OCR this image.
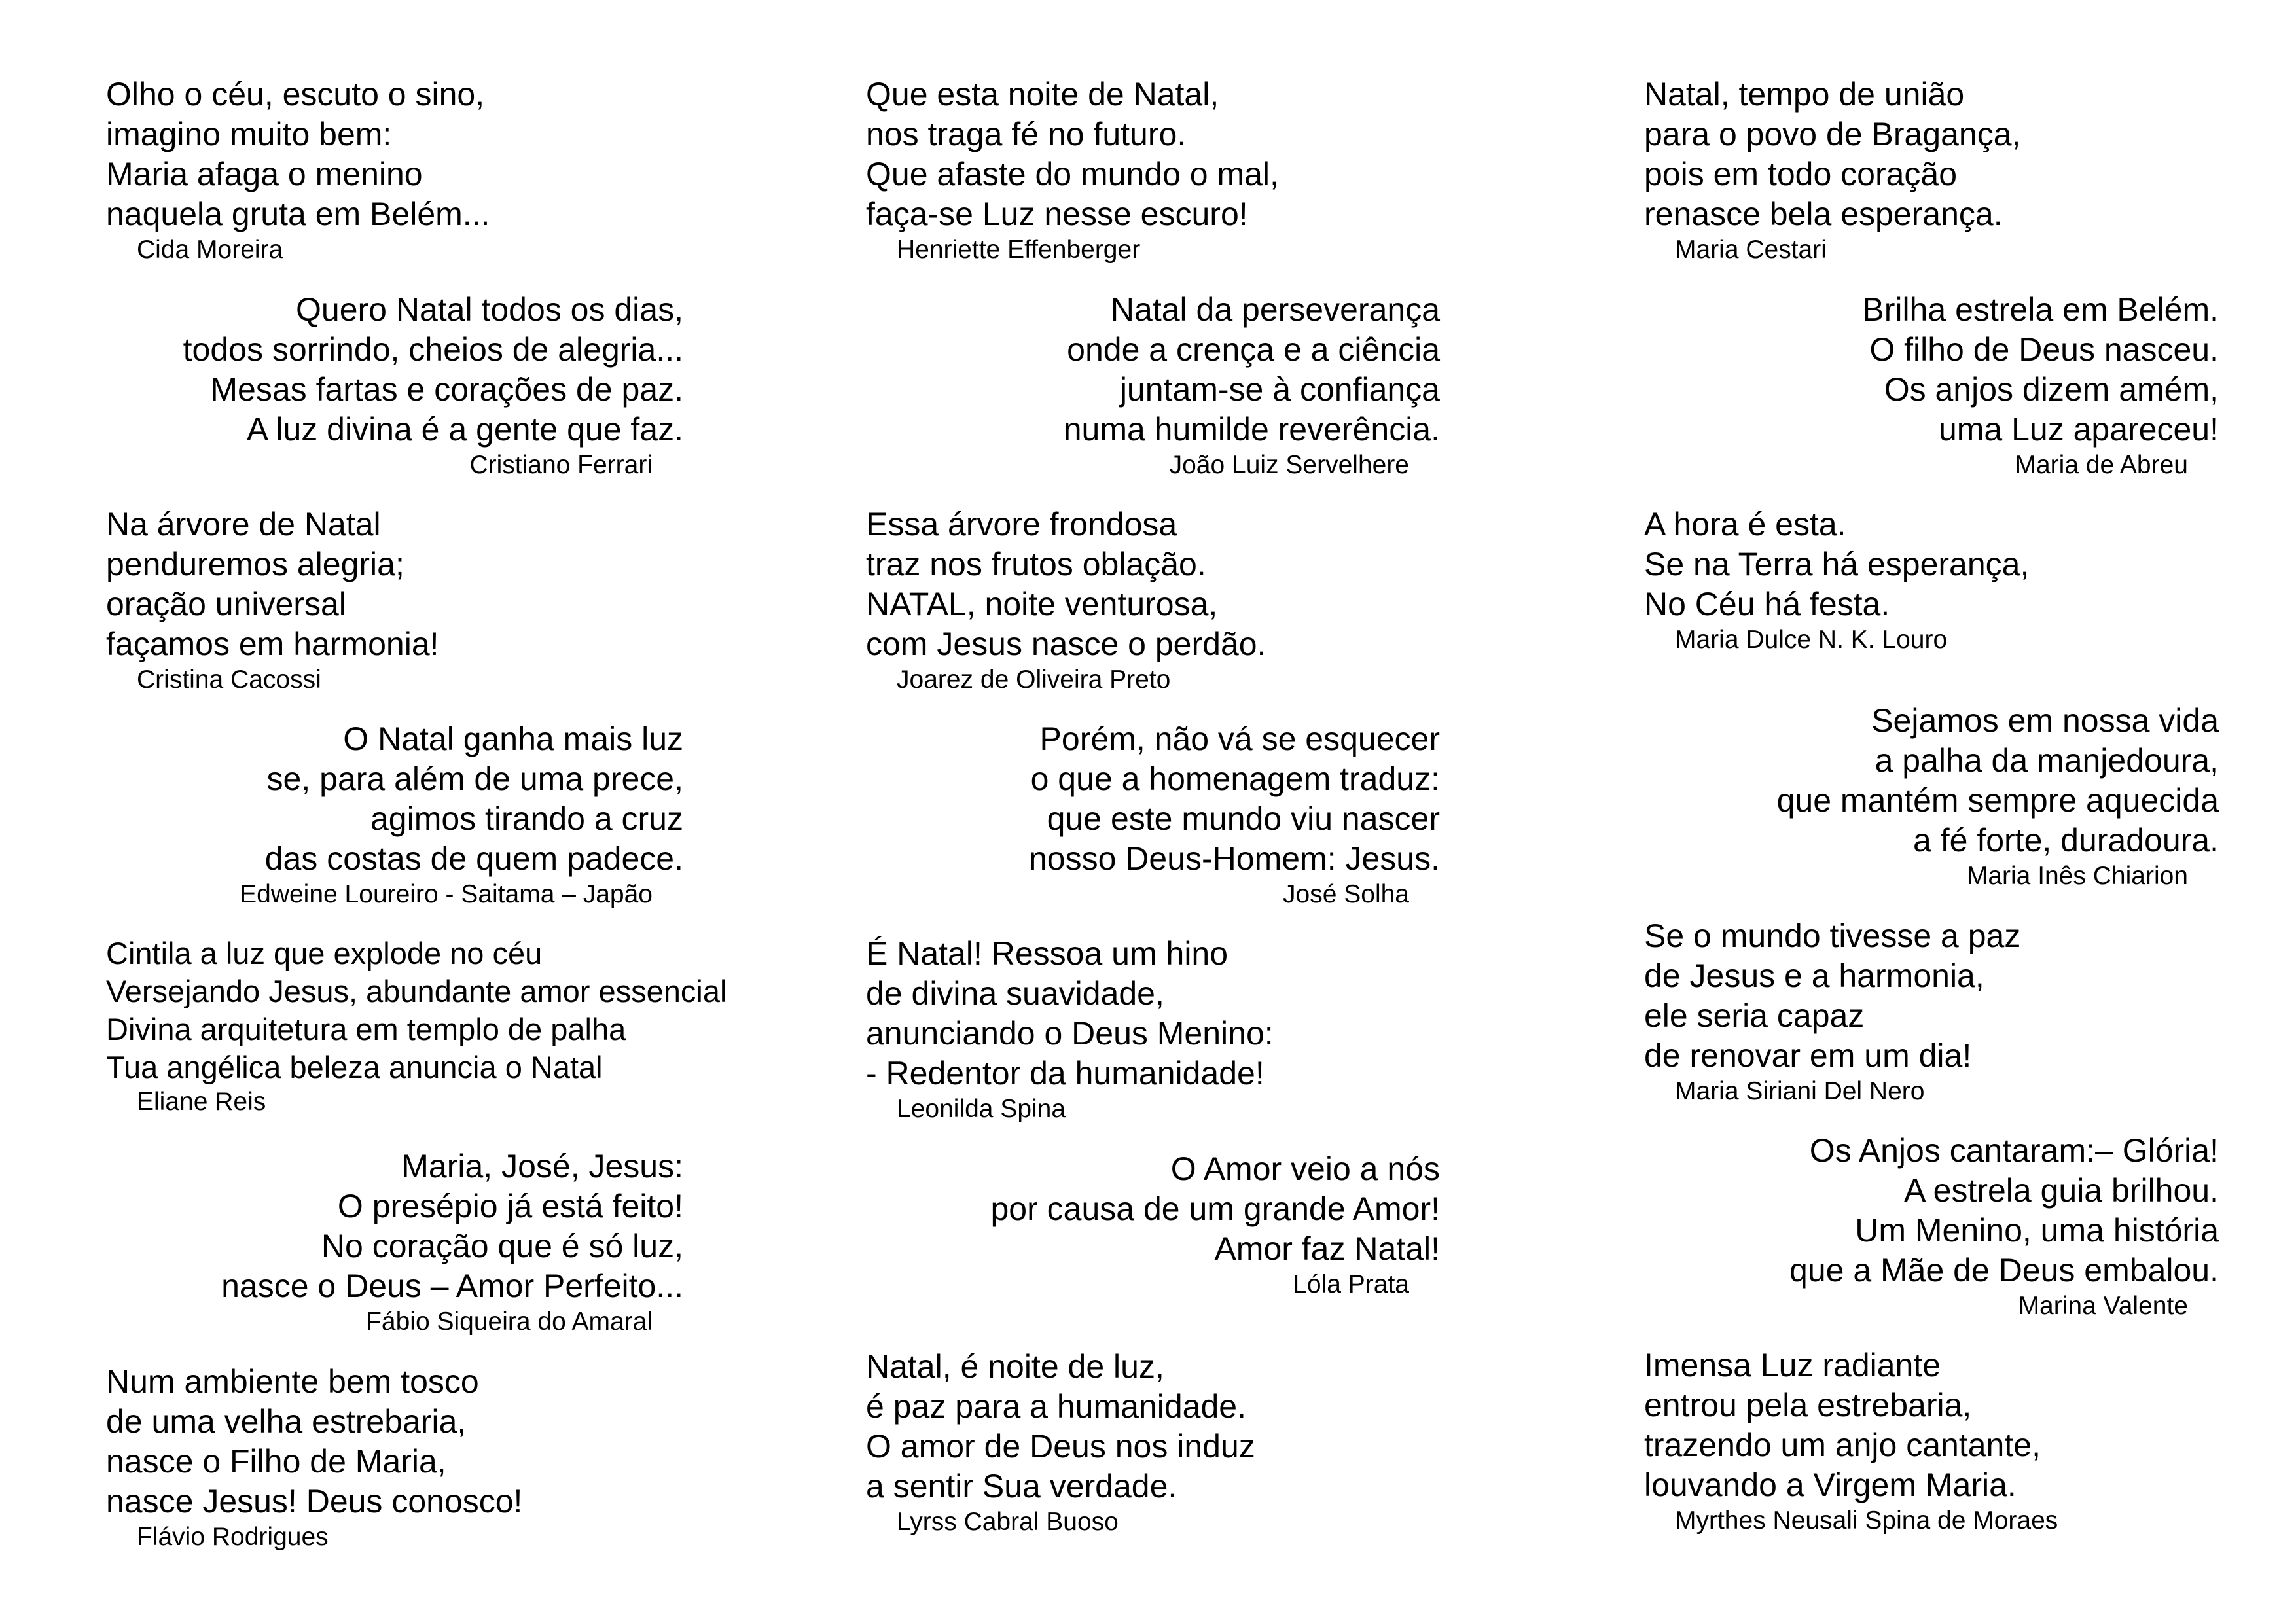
Olho o céu, escuto o sino,
imagino muito bem:
Maria afaga o menino
naquela gruta em Belém...
Cida Moreira
Quero Natal todos os dias,
todos sorrindo, cheios de alegria...
Mesas fartas e corações de paz.
A luz divina é a gente que faz.
Cristiano Ferrari
Na árvore de Natal
penduremos alegria;
oração universal
façamos em harmonia!
Cristina Cacossi
O Natal ganha mais luz
se, para além de uma prece,
agimos tirando a cruz
das costas de quem padece.
Edweine Loureiro - Saitama – Japão
Cintila a luz que explode no céu
Versejando Jesus, abundante amor essencial
Divina arquitetura em templo de palha
Tua angélica beleza anuncia o Natal
Eliane Reis
Maria, José, Jesus:
O presépio já está feito!
No coração que é só luz,
nasce o Deus – Amor Perfeito...
Fábio Siqueira do Amaral
Num ambiente bem tosco
de uma velha estrebaria,
nasce o Filho de Maria,
nasce Jesus! Deus conosco!
Flávio Rodrigues
Que esta noite de Natal,
nos traga fé no futuro.
Que afaste do mundo o mal,
faça-se Luz nesse escuro!
Henriette Effenberger
Natal da perseverança
onde a crença e a ciência
juntam-se à confiança
numa humilde reverência.
João Luiz Servelhere
Essa árvore frondosa
traz nos frutos oblação.
NATAL, noite venturosa,
com Jesus nasce o perdão.
Joarez de Oliveira Preto
Porém, não vá se esquecer
o que a homenagem traduz:
que este mundo viu nascer
nosso Deus-Homem: Jesus.
José Solha
É Natal! Ressoa um hino
de divina suavidade,
anunciando o Deus Menino:
- Redentor da humanidade!
Leonilda Spina
O Amor veio a nós
por causa de um grande Amor!
Amor faz Natal!
Lóla Prata
Natal, é noite de luz,
é paz para a humanidade.
O amor de Deus nos induz
a sentir Sua verdade.
Lyrss Cabral Buoso
Natal, tempo de união
para o povo de Bragança,
pois em todo coração
renasce bela esperança.
Maria Cestari
Brilha estrela em Belém.
O filho de Deus nasceu.
Os anjos dizem amém,
uma Luz apareceu!
Maria de Abreu
A hora é esta.
Se na Terra há esperança,
No Céu há festa.
Maria Dulce N. K. Louro
Sejamos em nossa vida
a palha da manjedoura,
que mantém sempre aquecida
a fé forte, duradoura.
Maria Inês Chiarion
Se o mundo tivesse a paz
de Jesus e a harmonia,
ele seria capaz
de renovar em um dia!
Maria Siriani Del Nero
Os Anjos cantaram:– Glória!
A estrela guia brilhou.
Um Menino, uma história
que a Mãe de Deus embalou.
Marina Valente
Imensa Luz radiante
entrou pela estrebaria,
trazendo um anjo cantante,
louvando a Virgem Maria.
Myrthes Neusali Spina de Moraes
